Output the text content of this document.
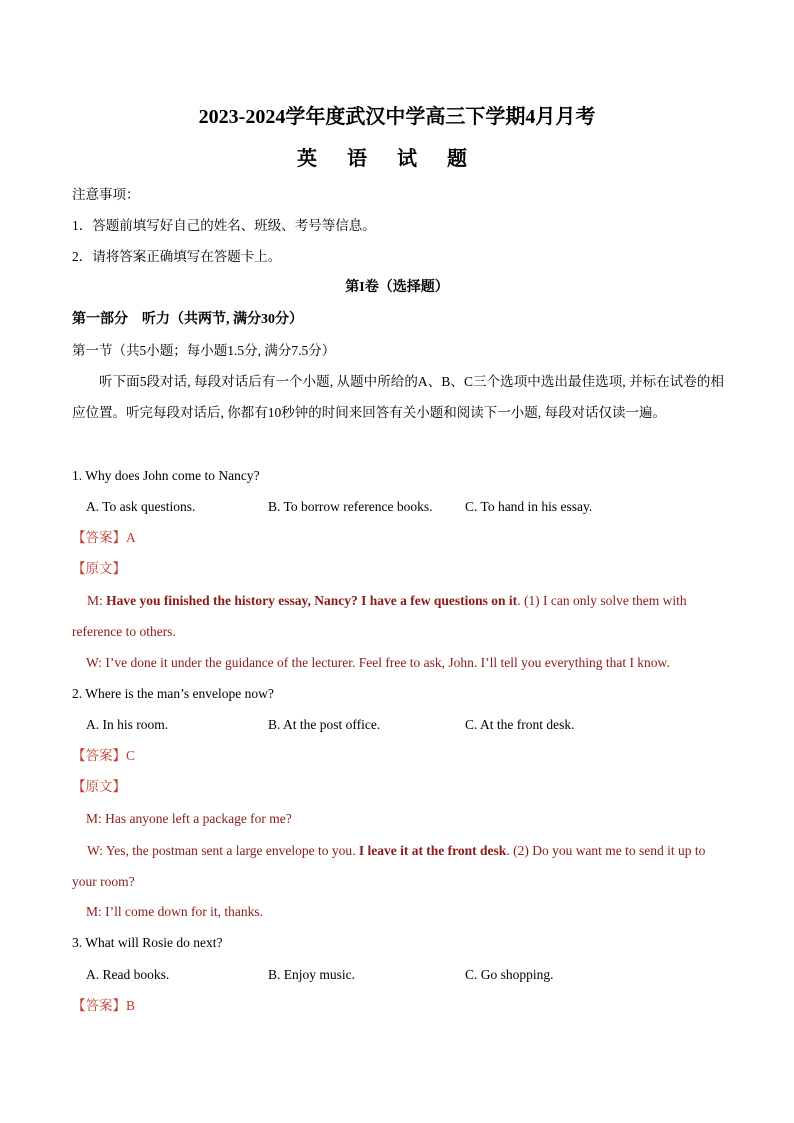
2023-2024学年度武汉中学高三下学期4月月考
英语试题
注意事项：
1．答题前填写好自己的姓名、班级、考号等信息。
2．请将答案正确填写在答题卡上。
第I卷（选择题）
第一部分　听力（共两节, 满分30分）
第一节（共5小题；每小题1.5分, 满分7.5分）
听下面5段对话, 每段对话后有一个小题, 从题中所给的A、B、C三个选项中选出最佳选项, 并标在试卷的相应位置。听完每段对话后, 你都有10秒钟的时间来回答有关小题和阅读下一小题, 每段对话仅读一遍。
1. Why does John come to Nancy?
A. To ask questions.	B. To borrow reference books. C. To hand in his essay.
【答案】A
【原文】
M: Have you finished the history essay, Nancy? I have a few questions on it. (1) I can only solve them with reference to others.
W: I’ve done it under the guidance of the lecturer. Feel free to ask, John. I’ll tell you everything that I know.
2. Where is the man’s envelope now?
A. In his room.	B. At the post office.	C. At the front desk.
【答案】C
【原文】
M: Has anyone left a package for me?
W: Yes, the postman sent a large envelope to you. I leave it at the front desk. (2) Do you want me to send it up to your room?
M: I’ll come down for it, thanks.
3. What will Rosie do next?
A. Read books.	B. Enjoy music.	C. Go shopping.
【答案】B
